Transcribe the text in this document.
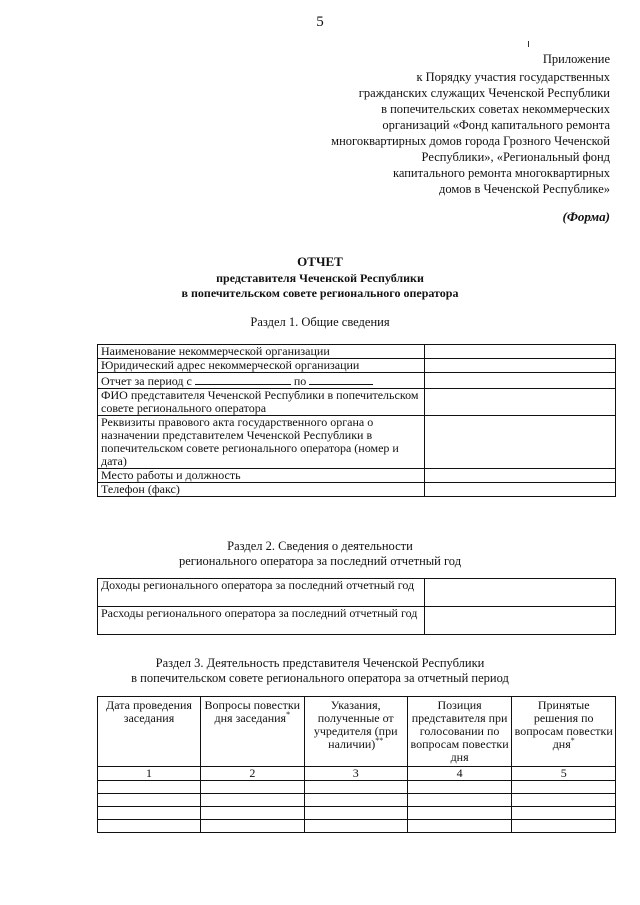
5
Приложение
к Порядку участия государственных
гражданских служащих Чеченской Республики
в попечительских советах некоммерческих
организаций «Фонд капитального ремонта
многоквартирных домов города Грозного Чеченской
Республики», «Региональный фонд
капитального ремонта многоквартирных
домов в Чеченской Республике»
(Форма)
ОТЧЕТ
представителя Чеченской Республики
в попечительском совете регионального оператора
Раздел 1. Общие сведения
Наименование некоммерческой организации	
Юридический адрес некоммерческой организации	
Отчет за период с по	
ФИО представителя Чеченской Республики в попечительском совете регионального оператора	
Реквизиты правового акта государственного органа о назначении представителем Чеченской Республики в попечительском совете регионального оператора (номер и дата)	
Место работы и должность	
Телефон (факс)	
Раздел 2. Сведения о деятельности
регионального оператора за последний отчетный год
Доходы регионального оператора за последний отчетный год	
Расходы регионального оператора за последний отчетный год	
Раздел 3. Деятельность представителя Чеченской Республики
в попечительском совете регионального оператора за отчетный период
Дата проведения заседания	Вопросы повестки дня заседания*	Указания, полученные от учредителя (при наличии)**	Позиция представителя при голосовании по вопросам повестки дня	Принятые решения по вопросам повестки дня*
1	2	3	4	5
